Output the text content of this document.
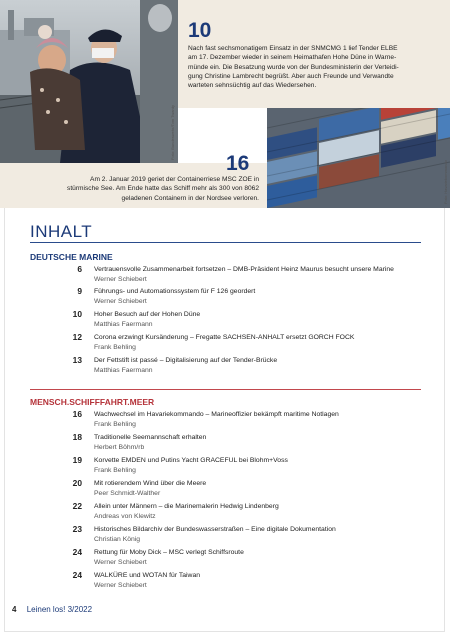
Foto: Bundeswehr/Tom Twardy
10
Nach fast sechsmonatigem Einsatz in der SNMCMG 1 lief Tender ELBE
am 17. Dezember wieder in seinem Heimathafen Hohe Düne in Warne-
münde ein. Die Besatzung wurde von der Bundesministerin der Verteidi-
gung Christine Lambrecht begrüßt. Aber auch Freunde und Verwandte
warteten sehnsüchtig auf das Wiedersehen.
16
Am 2. Januar 2019 geriet der Containerriese MSC ZOE in
stürmische See. Am Ende hatte das Schiff mehr als 300 von 8062
geladenen Containern in der Nordsee verloren.	Foto: Havariekommando
INHALT
DEUTSCHE MARINE
6 Vertrauensvolle Zusammenarbeit fortsetzen – DMB-Präsident Heinz Maurus besucht unsere Marine
Werner Schiebert
9 Führungs- und Automationssystem für F 126 geordert
Werner Schiebert
10 Hoher Besuch auf der Hohen Düne
Matthias Faermann
12 Corona erzwingt Kursänderung – Fregatte SACHSEN-ANHALT ersetzt GORCH FOCK
Frank Behling
13 Der Fettstift ist passé – Digitalisierung auf der Tender-Brücke
Matthias Faermann
MENSCH.SCHIFFFAHRT.MEER
16 Wachwechsel im Havariekommando – Marineoffizier bekämpft maritime Notlagen
Frank Behling
18 Traditionelle Seemannschaft erhalten
Herbert Böhm/rb
19 Korvette EMDEN und Putins Yacht GRACEFUL bei Blohm+Voss
Frank Behling
20 Mit rotierendem Wind über die Meere
Peer Schmidt-Walther
22 Allein unter Männern – die Marinemalerin Hedwig Lindenberg
Andreas von Klewitz
23 Historisches Bildarchiv der Bundeswasserstraßen – Eine digitale Dokumentation
Christian König
24 Rettung für Moby Dick – MSC verlegt Schiffsroute
Werner Schiebert
24 WALKÜRE und WOTAN für Taiwan
Werner Schiebert
4 Leinen los! 3/2022
